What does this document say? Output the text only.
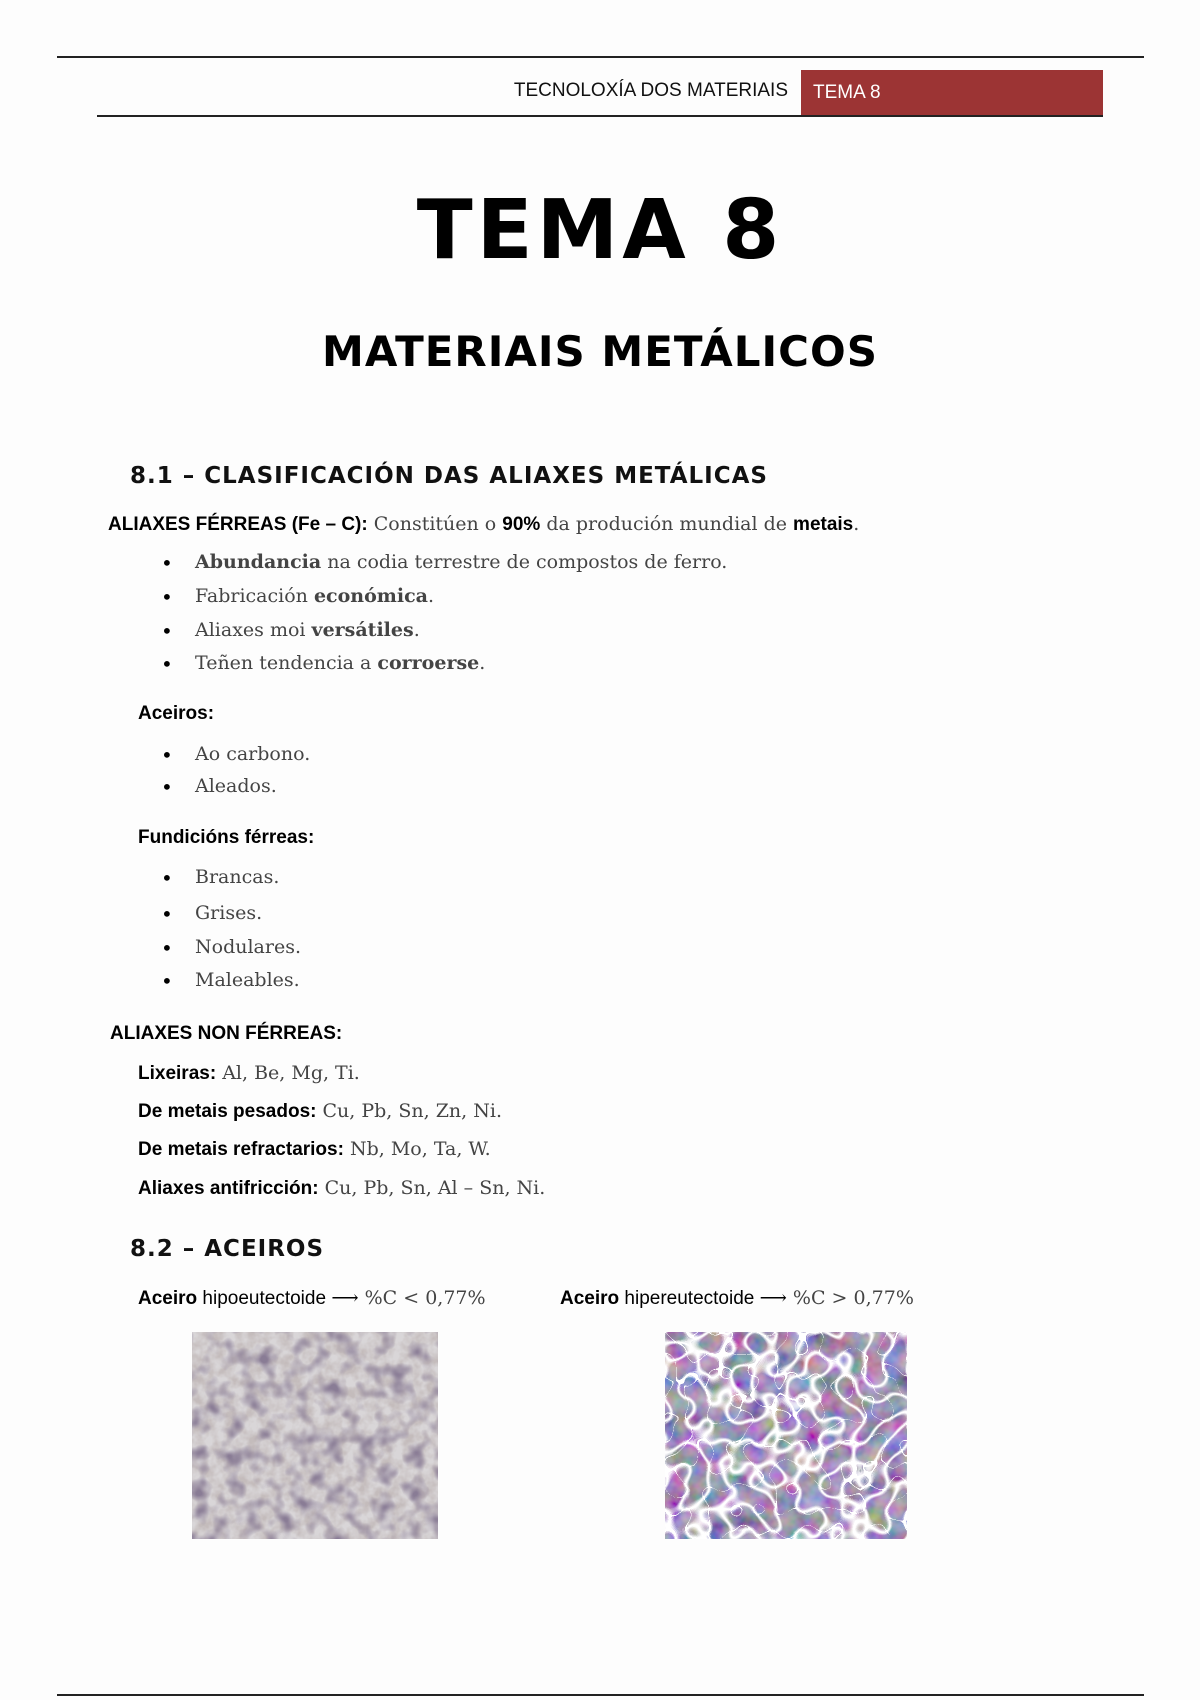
TECNOLOXÍA DOS MATERIAIS	TEMA 8
TEMA 8
MATERIAIS METÁLICOS
8.1 – CLASIFICACIÓN DAS ALIAXES METÁLICAS
ALIAXES FÉRREAS (Fe – C): Constitúen o 90% da produción mundial de metais.
• Abundancia na codia terrestre de compostos de ferro.
• Fabricación económica.
• Aliaxes moi versátiles.
• Teñen tendencia a corroerse.
Aceiros:
• Ao carbono.
• Aleados.
Fundicións férreas:
• Brancas.
• Grises.
• Nodulares.
• Maleables.
ALIAXES NON FÉRREAS:
Lixeiras: Al, Be, Mg, Ti.
De metais pesados: Cu, Pb, Sn, Zn, Ni.
De metais refractarios: Nb, Mo, Ta, W.
Aliaxes antifricción: Cu, Pb, Sn, Al – Sn, Ni.
8.2 – ACEIROS
Aceiro hipoeutectoide ⟶ %C < 0,77%	Aceiro hipereutectoide ⟶ %C > 0,77%
